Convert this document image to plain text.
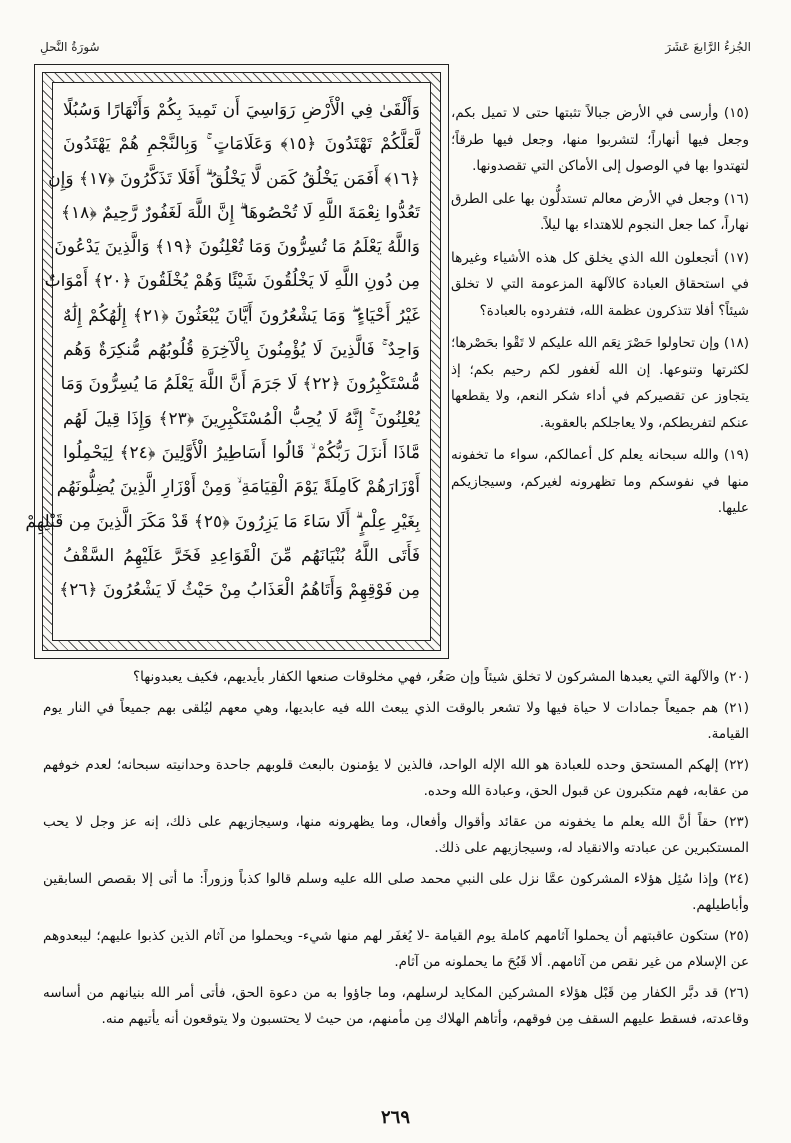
الجُزءُ الرَّابعَ عَشَرَ
سُورَةُ النَّحلِ
وَأَلْقَىٰ فِي الْأَرْضِ رَوَاسِيَ أَن تَمِيدَ بِكُمْ وَأَنْهَارًا وَسُبُلًا
لَّعَلَّكُمْ تَهْتَدُونَ ﴿١٥﴾ وَعَلَامَاتٍ ۚ وَبِالنَّجْمِ هُمْ يَهْتَدُونَ
﴿١٦﴾ أَفَمَن يَخْلُقُ كَمَن لَّا يَخْلُقُ ۗ أَفَلَا تَذَكَّرُونَ ﴿١٧﴾ وَإِن
تَعُدُّوا نِعْمَةَ اللَّهِ لَا تُحْصُوهَا ۗ إِنَّ اللَّهَ لَغَفُورٌ رَّحِيمٌ ﴿١٨﴾
وَاللَّهُ يَعْلَمُ مَا تُسِرُّونَ وَمَا تُعْلِنُونَ ﴿١٩﴾ وَالَّذِينَ يَدْعُونَ
مِن دُونِ اللَّهِ لَا يَخْلُقُونَ شَيْئًا وَهُمْ يُخْلَقُونَ ﴿٢٠﴾ أَمْوَاتٌ
غَيْرُ أَحْيَاءٍ ۖ وَمَا يَشْعُرُونَ أَيَّانَ يُبْعَثُونَ ﴿٢١﴾ إِلَٰهُكُمْ إِلَٰهٌ
وَاحِدٌ ۚ فَالَّذِينَ لَا يُؤْمِنُونَ بِالْآخِرَةِ قُلُوبُهُم مُّنكِرَةٌ وَهُم
مُّسْتَكْبِرُونَ ﴿٢٢﴾ لَا جَرَمَ أَنَّ اللَّهَ يَعْلَمُ مَا يُسِرُّونَ وَمَا
يُعْلِنُونَ ۚ إِنَّهُ لَا يُحِبُّ الْمُسْتَكْبِرِينَ ﴿٢٣﴾ وَإِذَا قِيلَ لَهُم
مَّاذَا أَنزَلَ رَبُّكُمْ ۙ قَالُوا أَسَاطِيرُ الْأَوَّلِينَ ﴿٢٤﴾ لِيَحْمِلُوا
أَوْزَارَهُمْ كَامِلَةً يَوْمَ الْقِيَامَةِ ۙ وَمِنْ أَوْزَارِ الَّذِينَ يُضِلُّونَهُم
بِغَيْرِ عِلْمٍ ۗ أَلَا سَاءَ مَا يَزِرُونَ ﴿٢٥﴾ قَدْ مَكَرَ الَّذِينَ مِن قَبْلِهِمْ
فَأَتَى اللَّهُ بُنْيَانَهُم مِّنَ الْقَوَاعِدِ فَخَرَّ عَلَيْهِمُ السَّقْفُ
مِن فَوْقِهِمْ وَأَتَاهُمُ الْعَذَابُ مِنْ حَيْثُ لَا يَشْعُرُونَ ﴿٢٦﴾

(١٥) وأرسى في الأرض جبالاً تثبتها حتى لا تميل بكم، وجعل فيها أنهاراً؛ لتشربوا منها، وجعل فيها طرقاً؛ لتهتدوا بها في الوصول إلى الأماكن التي تقصدونها.

(١٦) وجعل في الأرض معالم تستدلُّون بها على الطرق نهاراً، كما جعل النجوم للاهتداء بها ليلاً.

(١٧) أتجعلون الله الذي يخلق كل هذه الأشياء وغيرها في استحقاق العبادة كالآلهة المزعومة التي لا تخلق شيئاً؟ أفلا تتذكرون عظمة الله، فتفردوه بالعبادة؟

(١٨) وإن تحاولوا حَصْرَ نِعَم الله عليكم لا تَقْوا بحَصْرها؛ لكثرتها وتنوعها. إن الله لَغفور لكم رحيم بكم؛ إذ يتجاوز عن تقصيركم في أداء شكر النعم، ولا يقطعها عنكم لتفريطكم، ولا يعاجلكم بالعقوبة.

(١٩) والله سبحانه يعلم كل أعمالكم، سواء ما تخفونه منها في نفوسكم وما تظهرونه لغيركم، وسيجازيكم عليها.

(٢٠) والآلهة التي يعبدها المشركون لا تخلق شيئاً وإن صَغُر، فهي مخلوقات صنعها الكفار بأيديهم، فكيف يعبدونها؟

(٢١) هم جميعاً جمادات لا حياة فيها ولا تشعر بالوقت الذي يبعث الله فيه عابديها، وهي معهم ليُلقى بهم جميعاً في النار يوم القيامة.

(٢٢) إلهكم المستحق وحده للعبادة هو الله الإله الواحد، فالذين لا يؤمنون بالبعث قلوبهم جاحدة وحدانيته سبحانه؛ لعدم خوفهم من عقابه، فهم متكبرون عن قبول الحق، وعبادة الله وحده.

(٢٣) حقاً أنَّ الله يعلم ما يخفونه من عقائد وأقوال وأفعال، وما يظهرونه منها، وسيجازيهم على ذلك، إنه عز وجل لا يحب المستكبرين عن عبادته والانقياد له، وسيجازيهم على ذلك.

(٢٤) وإذا سُئِل هؤلاء المشركون عمَّا نزل على النبي محمد صلى الله عليه وسلم قالوا كذباً وزوراً: ما أتى إلا بقصص السابقين وأباطيلهم.

(٢٥) ستكون عاقبتهم أن يحملوا آثامهم كاملة يوم القيامة -لا يُغفَر لهم منها شيء- ويحملوا من آثام الذين كذبوا عليهم؛ ليبعدوهم عن الإسلام من غير نقص من آثامهم. ألا قَبُحَ ما يحملونه من آثام.

(٢٦) قد دبَّر الكفار مِن قَبْل هؤلاء المشركين المكايد لرسلهم، وما جاؤوا به من دعوة الحق، فأتى أمر الله بنيانهم من أساسه وقاعدته، فسقط عليهم السقف مِن فوقهم، وأتاهم الهلاك مِن مأمنهم، من حيث لا يحتسبون ولا يتوقعون أنه يأتيهم منه.

٢٦٩
